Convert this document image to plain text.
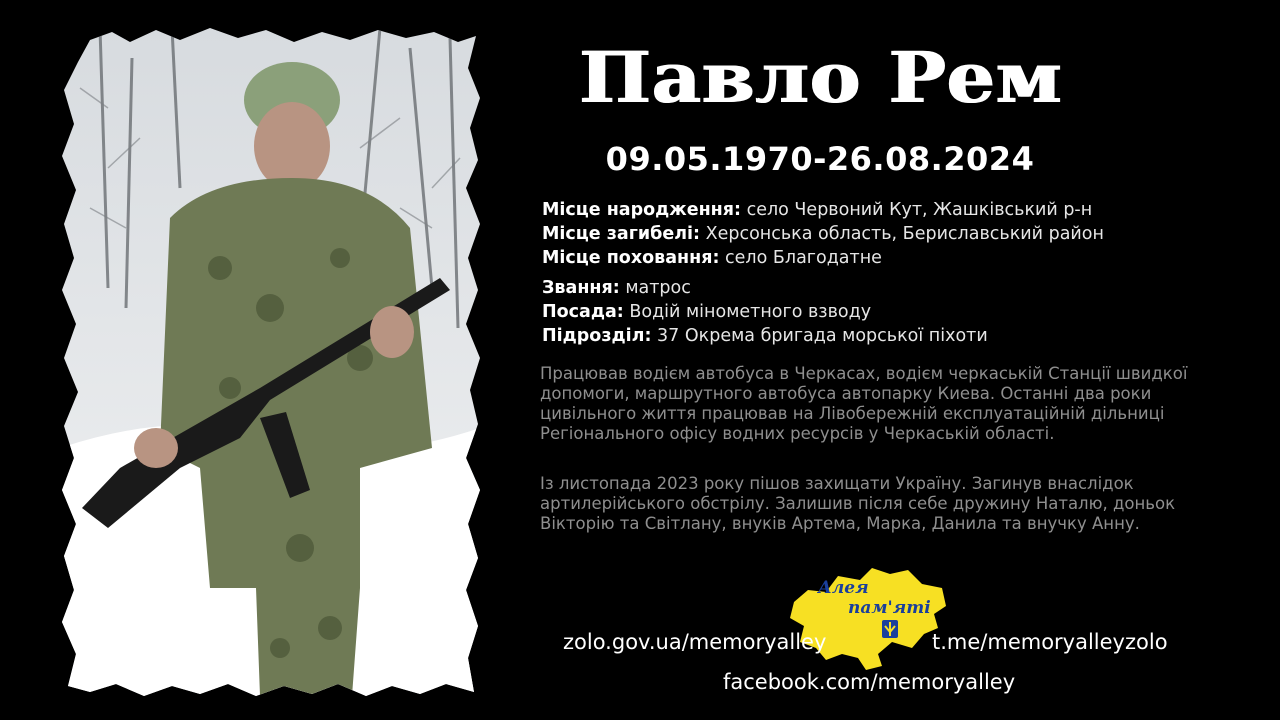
Павло Рем
09.05.1970-26.08.2024
Місце народження: село Червоний Кут, Жашківський р-н
Місце загибелі: Херсонська область, Бериславський район
Місце поховання: село Благодатне
Звання: матрос
Посада: Водій мінометного взводу
Підрозділ: 37 Окрема бригада морської піхоти

Працював водієм автобуса в Черкасах, водієм черкаській Станції швидкої допомоги, маршрутного автобуса автопарку Киева. Останні два роки цивільного життя працював на Лівобережній експлуатаційній дільниці Регіонального офісу водних ресурсів у Черкаській області.

Із листопада 2023 року пішов захищати Україну. Загинув внаслідок артилерійського обстрілу. Залишив після себе дружину Наталю, доньок Вікторію та Світлану, внуків Артема, Марка, Данила та внучку Анну.

Алея
пам'яті
zolo.gov.ua/memoryalley	t.me/memoryalleyzolo
facebook.com/memoryalley
